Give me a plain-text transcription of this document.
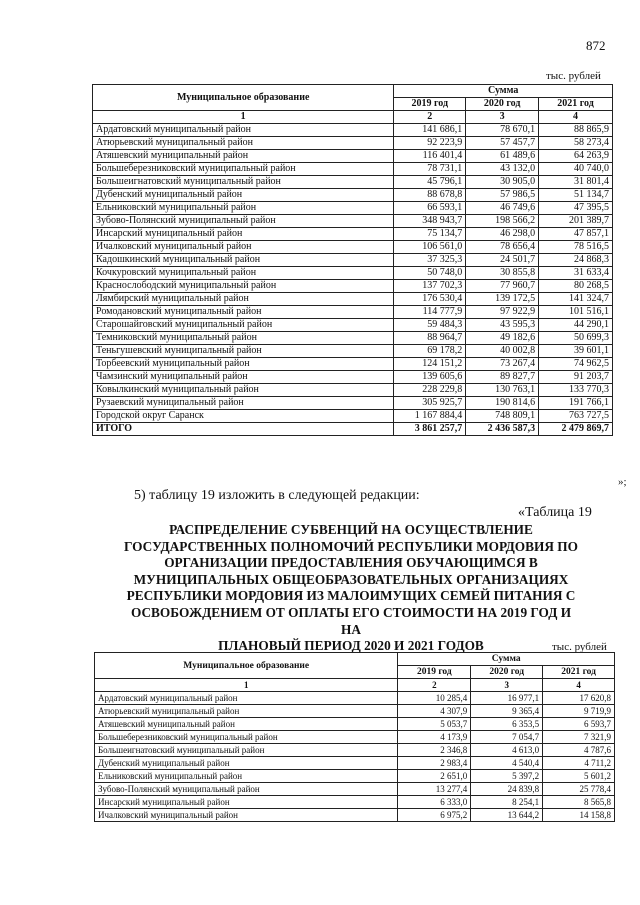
872
тыс. рублей
Муниципальное образование	Сумма		
	2019 год	2020 год	2021 год
1	2	3	4
Ардатовский муниципальный район	141 686,1	78 670,1	88 865,9
Атюрьевский муниципальный район	92 223,9	57 457,7	58 273,4
Атяшевский муниципальный район	116 401,4	61 489,6	64 263,9
Большеберезниковский муниципальный район	78 731,1	43 132,0	40 740,0
Большеигнатовский муниципальный район	45 796,1	30 905,0	31 801,4
Дубенский муниципальный район	88 678,8	57 986,5	51 134,7
Ельниковский муниципальный район	66 593,1	46 749,6	47 395,5
Зубово-Полянский муниципальный район	348 943,7	198 566,2	201 389,7
Инсарский муниципальный район	75 134,7	46 298,0	47 857,1
Ичалковский муниципальный район	106 561,0	78 656,4	78 516,5
Кадошкинский муниципальный район	37 325,3	24 501,7	24 868,3
Кочкуровский муниципальный район	50 748,0	30 855,8	31 633,4
Краснослободский муниципальный район	137 702,3	77 960,7	80 268,5
Лямбирский муниципальный район	176 530,4	139 172,5	141 324,7
Ромодановский муниципальный район	114 777,9	97 922,9	101 516,1
Старошайговский муниципальный район	59 484,3	43 595,3	44 290,1
Темниковский муниципальный район	88 964,7	49 182,6	50 699,3
Теньгушевский муниципальный район	69 178,2	40 002,8	39 601,1
Торбеевский муниципальный район	124 151,2	73 267,4	74 962,5
Чамзинский муниципальный район	139 605,6	89 827,7	91 203,7
Ковылкинский муниципальный район	228 229,8	130 763,1	133 770,3
Рузаевский муниципальный район	305 925,7	190 814,6	191 766,1
Городской округ Саранск	1 167 884,4	748 809,1	763 727,5
ИТОГО	3 861 257,7	2 436 587,3	2 479 869,7
»;
5) таблицу 19 изложить в следующей редакции:
«Таблица 19
РАСПРЕДЕЛЕНИЕ СУБВЕНЦИЙ НА ОСУЩЕСТВЛЕНИЕ
ГОСУДАРСТВЕННЫХ ПОЛНОМОЧИЙ РЕСПУБЛИКИ МОРДОВИЯ ПО
ОРГАНИЗАЦИИ ПРЕДОСТАВЛЕНИЯ ОБУЧАЮЩИМСЯ В
МУНИЦИПАЛЬНЫХ ОБЩЕОБРАЗОВАТЕЛЬНЫХ ОРГАНИЗАЦИЯХ
РЕСПУБЛИКИ МОРДОВИЯ ИЗ МАЛОИМУЩИХ СЕМЕЙ ПИТАНИЯ С
ОСВОБОЖДЕНИЕМ ОТ ОПЛАТЫ ЕГО СТОИМОСТИ НА 2019 ГОД И НА
ПЛАНОВЫЙ ПЕРИОД 2020 И 2021 ГОДОВ	тыс. рублей
Муниципальное образование	Сумма		
	2019 год	2020 год	2021 год
1	2	3	4
Ардатовский муниципальный район	10 285,4	16 977,1	17 620,8
Атюрьевский муниципальный район	4 307,9	9 365,4	9 719,9
Атяшевский муниципальный район	5 053,7	6 353,5	6 593,7
Большеберезниковский муниципальный район	4 173,9	7 054,7	7 321,9
Большеигнатовский муниципальный район	2 346,8	4 613,0	4 787,6
Дубенский муниципальный район	2 983,4	4 540,4	4 711,2
Ельниковский муниципальный район	2 651,0	5 397,2	5 601,2
Зубово-Полянский муниципальный район	13 277,4	24 839,8	25 778,4
Инсарский муниципальный район	6 333,0	8 254,1	8 565,8
Ичалковский муниципальный район	6 975,2	13 644,2	14 158,8
